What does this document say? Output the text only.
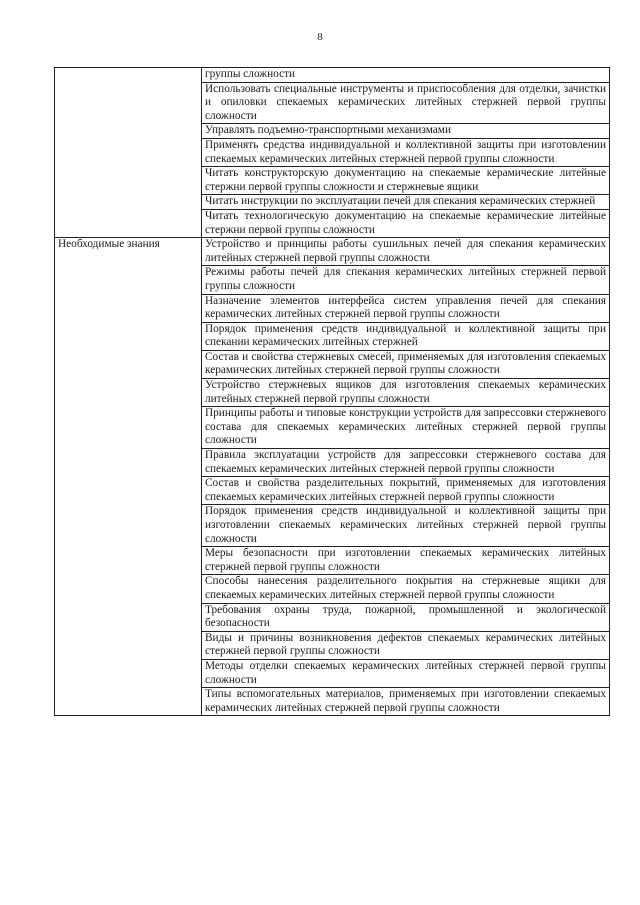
8
	группы сложности
	Использовать специальные инструменты и приспособления для отделки, зачистки и опиловки спекаемых керамических литейных стержней первой группы сложности
	Управлять подъемно-транспортными механизмами
	Применять средства индивидуальной и коллективной защиты при изготовлении спекаемых керамических литейных стержней первой группы сложности
	Читать конструкторскую документацию на спекаемые керамические литейные стержни первой группы сложности и стержневые ящики
	Читать инструкции по эксплуатации печей для спекания керамических стержней
	Читать технологическую документацию на спекаемые керамические литейные стержни первой группы сложности
Необходимые знания	Устройство и принципы работы сушильных печей для спекания керамических литейных стержней первой группы сложности
	Режимы работы печей для спекания керамических литейных стержней первой группы сложности
	Назначение элементов интерфейса систем управления печей для спекания керамических литейных стержней первой группы сложности
	Порядок применения средств индивидуальной и коллективной защиты при спекании керамических литейных стержней
	Состав и свойства стержневых смесей, применяемых для изготовления спекаемых керамических литейных стержней первой группы сложности
	Устройство стержневых ящиков для изготовления спекаемых керамических литейных стержней первой группы сложности
	Принципы работы и типовые конструкции устройств для запрессовки стержневого состава для спекаемых керамических литейных стержней первой группы сложности
	Правила эксплуатации устройств для запрессовки стержневого состава для спекаемых керамических литейных стержней первой группы сложности
	Состав и свойства разделительных покрытий, применяемых для изготовления спекаемых керамических литейных стержней первой группы сложности
	Порядок применения средств индивидуальной и коллективной защиты при изготовлении спекаемых керамических литейных стержней первой группы сложности
	Меры безопасности при изготовлении спекаемых керамических литейных стержней первой группы сложности
	Способы нанесения разделительного покрытия на стержневые ящики для спекаемых керамических литейных стержней первой группы сложности
	Требования охраны труда, пожарной, промышленной и экологической безопасности
	Виды и причины возникновения дефектов спекаемых керамических литейных стержней первой группы сложности
	Методы отделки спекаемых керамических литейных стержней первой группы сложности
	Типы вспомогательных материалов, применяемых при изготовлении спекаемых керамических литейных стержней первой группы сложности
